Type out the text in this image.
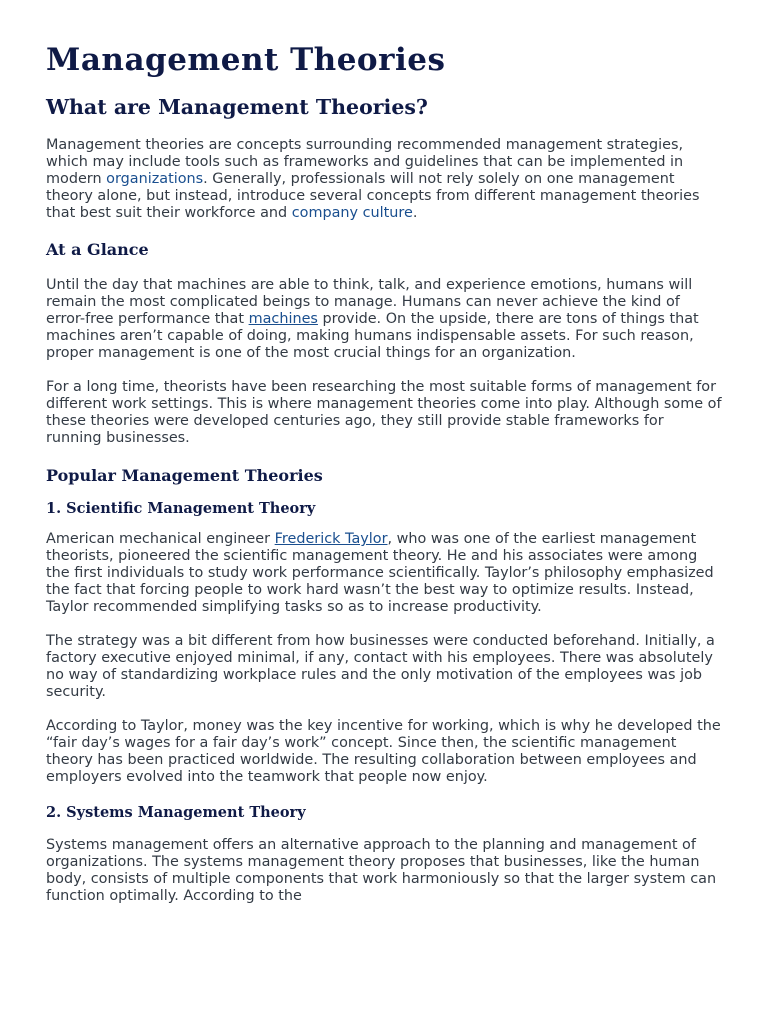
Management Theories
What are Management Theories?

Management theories are concepts surrounding recommended management strategies, which may include tools such as frameworks and guidelines that can be implemented in modern organizations. Generally, professionals will not rely solely on one management theory alone, but instead, introduce several concepts from different management theories that best suit their workforce and company culture.

At a Glance

Until the day that machines are able to think, talk, and experience emotions, humans will remain the most complicated beings to manage. Humans can never achieve the kind of error-free performance that machines provide. On the upside, there are tons of things that machines aren’t capable of doing, making humans indispensable assets. For such reason, proper management is one of the most crucial things for an organization.

For a long time, theorists have been researching the most suitable forms of management for different work settings. This is where management theories come into play. Although some of these theories were developed centuries ago, they still provide stable frameworks for running businesses.

Popular Management Theories
1. Scientific Management Theory

American mechanical engineer Frederick Taylor, who was one of the earliest management theorists, pioneered the scientific management theory. He and his associates were among the first individuals to study work performance scientifically. Taylor’s philosophy emphasized the fact that forcing people to work hard wasn’t the best way to optimize results. Instead, Taylor recommended simplifying tasks so as to increase productivity.

The strategy was a bit different from how businesses were conducted beforehand. Initially, a factory executive enjoyed minimal, if any, contact with his employees. There was absolutely no way of standardizing workplace rules and the only motivation of the employees was job security.

According to Taylor, money was the key incentive for working, which is why he developed the “fair day’s wages for a fair day’s work” concept. Since then, the scientific management theory has been practiced worldwide. The resulting collaboration between employees and employers evolved into the teamwork that people now enjoy.

2. Systems Management Theory

Systems management offers an alternative approach to the planning and management of organizations. The systems management theory proposes that businesses, like the human body, consists of multiple components that work harmoniously so that the larger system can function optimally. According to the
